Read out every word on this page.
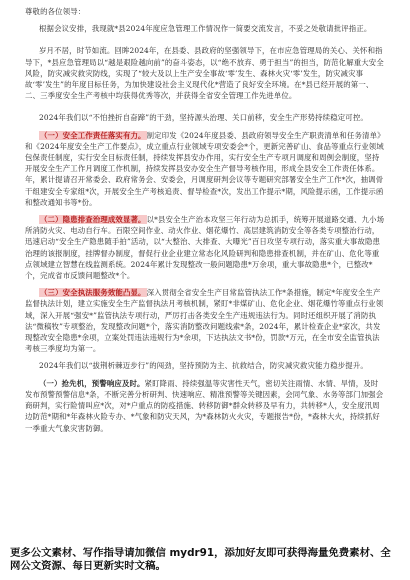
尊敬的各位领导：

根据会议安排，我现就*县2024年度应急管理工作情况作一简要交流发言，不妥之处敬请批评指正。

岁月不居，时节如流。回眸2024年，在县委、县政府的坚强领导下，在市应急管理局的关心、关怀和指导下，*县应急管理局以“越是艰险越向前”的奋斗姿态，以“绝不放弃、勇于担当”的担当，防范化解重大安全风险，防灾减灾救灾防线，实现了“较大及以上生产安全事故‘零’发生、森林火灾‘零’发生，防灾减灾事故‘零’发生”的年度目标任务，为加快建设社会主义现代化*营造了良好安全环境。在*县已经开展的第一、二、三季度安全生产考核中均获得优秀等次，并获得全省安全管理工作先进单位。

2024年我们以“不怕挫折自奋蹄”的干劲，坚持源头治理、关口前移，安全生产形势持续稳定可控。

（一）安全工作责任落实有力。制定印发《2024年度县委、县政府领导安全生产职责清单和任务清单》和《2024年度安全生产工作要点》，成立重点行业领域专项安委会*个，更新完善矿山、食品等重点行业领域包保责任制度，实行安全目标责任制，持续发挥县安办作用，实行安全生产专项月调度和周例会制度，坚持开展安全生产工作月调度工作机制，持续发挥县安办安全生产督导考核作用，形成全县安全工作责任体系。年，累计提请召开常委会、政府常务会、安委会，月调度研判会议等专题研究部署安全生产工作*次，抽调骨干组建安全专家组*次，开展安全生产考核追责、督导检查*次，发出工作提示*期，风险提示函，工作提示函和整改通知书等*份。

（二）隐患排查治理成效显著。以*县安全生产治本攻坚三年行动为总抓手，统筹开展道路交通、九小场所消防火灾、电动自行车。百限空间作业、动火作业、烟花爆竹、高层建筑消防安全等各类专项整治行动，迅速启动“安全生产隐患随手拍”活动，以“大整治、大排查、大曝光”百日攻坚专项行动，落实重大事故隐患治理的该报制度，挂牌督办制度，督促行业企业建立常态化风险研判和隐患排查机制，并在矿山、危化等重点领域建立智慧在线监测系统。2024年累计发现整改一般问题隐患*万余项，重大事故隐患*个，已整改*个，完成省市反馈问题整改*个。

（三）安全执法服务效能凸显。深入贯彻全省安全生产目常监管执法工作*条措施，制定*年度安全生产监督执法计划，建立实施安全生产监督执法月考核机制，紧盯*非煤矿山、危化企业、烟花爆竹等重点行业领域，深入开展“强安*”监管执法专项行动，严厉打击各类安全生产违规违法行为。同时还组织开展了消防执法“微稿牧”专项整治，发现整改问题*个，落实消防整改问题线索*条，2024年，累计检查企业*家次，共发现整改安全隐患*余项，立案处罚违法违规行为*余项，下达执法文书*份，罚款*万元，在全市安全监管执法考核三季度均为第一。

2024年我们以“拔荆析棘迈步行”的闯劲，坚持预防为主、抗救结合，防灾减灾救灾能力稳步提升。

（一）抢先机，预警响应及时。紧盯降雨、持续强温等灾害性天气，密切关注雨情、水情、旱情，及时发布预警预警信息*条，不断完善分析研判、快速响应、精准预警等关键因素，会同气象、水务等部门加强会商研判，实行险情叫应*次，对*户重点的防疫措施、转移防御*群众转移及早有力，共转移*人，安全度汛周边防范*期和*年森林火险专办、*气象和防灾天风，为*森林防火火灾，专题报告*份，*森林大火，持续抓好一季重大气象灾害防御。

更多公文素材、写作指导请加微信 mydr91，添加好友即可获得海量免费素材、全网公文资源、每日更新实时文稿。
